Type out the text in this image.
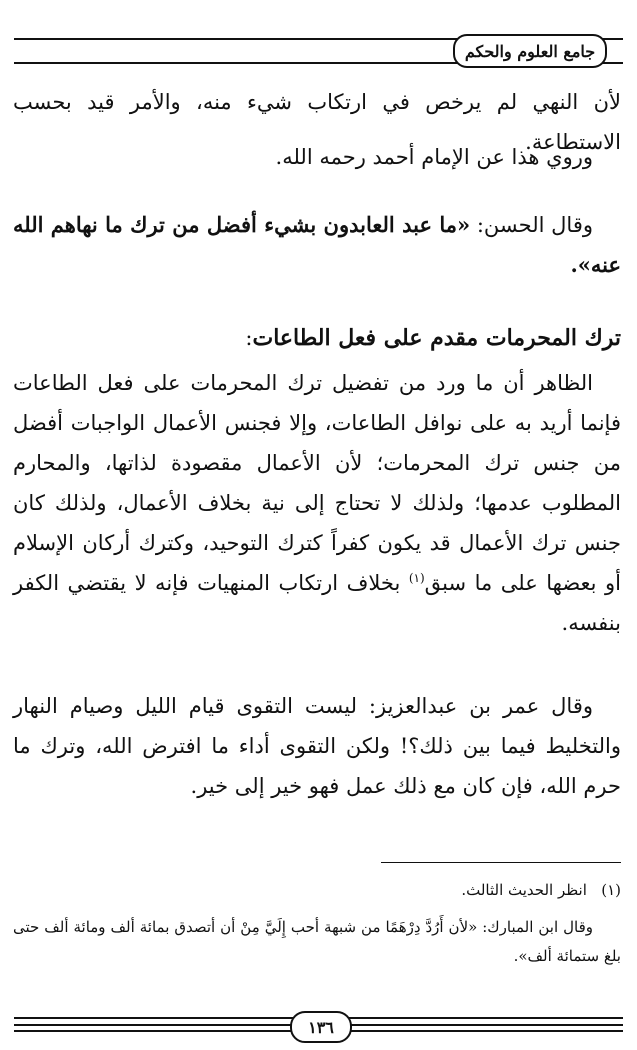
جامع العلوم والحكم
لأن النهي لم يرخص في ارتكاب شيء منه، والأمر قيد بحسب الاستطاعة.
وروي هذا عن الإمام أحمد رحمه الله.
وقال الحسن: «ما عبد العابدون بشيء أفضل من ترك ما نهاهم الله عنه».
ترك المحرمات مقدم على فعل الطاعات:
الظاهر أن ما ورد من تفضيل ترك المحرمات على فعل الطاعات فإنما أريد به على نوافل الطاعات، وإلا فجنس الأعمال الواجبات أفضل من جنس ترك المحرمات؛ لأن الأعمال مقصودة لذاتها، والمحارم المطلوب عدمها؛ ولذلك لا تحتاج إلى نية بخلاف الأعمال، ولذلك كان جنس ترك الأعمال قد يكون كفراً كترك التوحيد، وكترك أركان الإسلام أو بعضها على ما سبق$^{(١)}$ بخلاف ارتكاب المنهيات فإنه لا يقتضي الكفر بنفسه.
وقال عمر بن عبدالعزيز: ليست التقوى قيام الليل وصيام النهار والتخليط فيما بين ذلك؟! ولكن التقوى أداء ما افترض الله، وترك ما حرم الله، فإن كان مع ذلك عمل فهو خير إلى خير.
(١)   انظر الحديث الثالث.
وقال ابن المبارك: «لأن أَرُدَّ دِرْهَمًا من شبهة أحب إِلَيَّ مِنْ أن أتصدق بمائة ألف ومائة ألف حتى بلغ ستمائة ألف».
١٣٦
